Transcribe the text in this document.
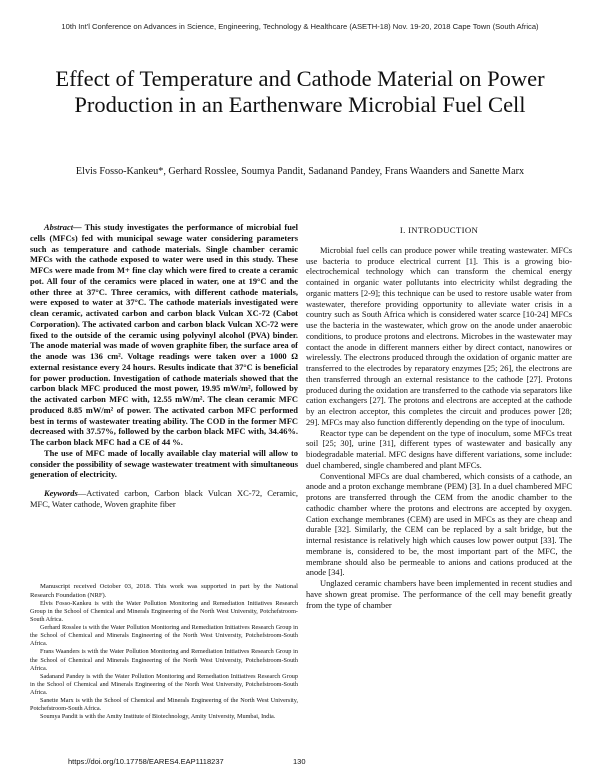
10th Int'l Conference on Advances in Science, Engineering, Technology & Healthcare (ASETH-18) Nov. 19-20, 2018 Cape Town (South Africa)
Effect of Temperature and Cathode Material on Power Production in an Earthenware Microbial Fuel Cell
Elvis Fosso-Kankeu*, Gerhard Rosslee, Soumya Pandit, Sadanand Pandey, Frans Waanders and Sanette Marx

Abstract— This study investigates the performance of microbial fuel cells (MFCs) fed with municipal sewage water considering parameters such as temperature and cathode materials. Single chamber ceramic MFCs with the cathode exposed to water were used in this study. These MFCs were made from M+ fine clay which were fired to create a ceramic pot. All four of the ceramics were placed in water, one at 19°C and the other three at 37°C. Three ceramics, with different cathode materials, were exposed to water at 37°C. The cathode materials investigated were clean ceramic, activated carbon and carbon black Vulcan XC-72 (Cabot Corporation). The activated carbon and carbon black Vulcan XC-72 were fixed to the outside of the ceramic using polyvinyl alcohol (PVA) binder. The anode material was made of woven graphite fiber, the surface area of the anode was 136 cm². Voltage readings were taken over a 1000 Ω external resistance every 24 hours. Results indicate that 37°C is beneficial for power production. Investigation of cathode materials showed that the carbon black MFC produced the most power, 19.95 mW/m², followed by the activated carbon MFC with, 12.55 mW/m². The clean ceramic MFC produced 8.85 mW/m² of power. The activated carbon MFC performed best in terms of wastewater treating ability. The COD in the former MFC decreased with 37.57%, followed by the carbon black MFC with, 34.46%. The carbon black MFC had a CE of 44 %.

The use of MFC made of locally available clay material will allow to consider the possibility of sewage wastewater treatment with simultaneous generation of electricity.

Keywords—Activated carbon, Carbon black Vulcan XC-72, Ceramic, MFC, Water cathode, Woven graphite fiber

Manuscript received October 03, 2018. This work was supported in part by the National Research Foundation (NRF).

Elvis Fosso-Kankeu is with the Water Pollution Monitoring and Remediation Initiatives Research Group in the School of Chemical and Minerals Engineering of the North West University, Potchefstroom-South Africa.

Gerhard Rosslee is with the Water Pollution Monitoring and Remediation Initiatives Research Group in the School of Chemical and Minerals Engineering of the North West University, Potchefstroom-South Africa.

Frans Waanders is with the Water Pollution Monitoring and Remediation Initiatives Research Group in the School of Chemical and Minerals Engineering of the North West University, Potchefstroom-South Africa.

Sadanand Pandey is with the Water Pollution Monitoring and Remediation Initiatives Research Group in the School of Chemical and Minerals Engineering of the North West University, Potchefstroom-South Africa.

Sanette Marx is with the School of Chemical and Minerals Engineering of the North West University, Potchefstroom-South Africa.

Soumya Pandit is with the Amity Institute of Biotechnology, Amity University, Mumbai, India.

I. INTRODUCTION

Microbial fuel cells can produce power while treating wastewater. MFCs use bacteria to produce electrical current [1]. This is a growing bio-electrochemical technology which can transform the chemical energy contained in organic water pollutants into electricity whilst degrading the organic matters [2-9]; this technique can be used to restore usable water from wastewater, therefore providing opportunity to alleviate water crisis in a country such as South Africa which is considered water scarce [10-24] MFCs use the bacteria in the wastewater, which grow on the anode under anaerobic conditions, to produce protons and electrons. Microbes in the wastewater may contact the anode in different manners either by direct contact, nanowires or wirelessly. The electrons produced through the oxidation of organic matter are transferred to the electrodes by reparatory enzymes [25; 26], the electrons are then transferred through an external resistance to the cathode [27]. Protons produced during the oxidation are transferred to the cathode via separators like cation exchangers [27]. The protons and electrons are accepted at the cathode by an electron acceptor, this completes the circuit and produces power [28; 29]. MFCs may also function differently depending on the type of inoculum.

Reactor type can be dependent on the type of inoculum, some MFCs treat soil [25; 30], urine [31], different types of wastewater and basically any biodegradable material. MFC designs have different variations, some include: duel chambered, single chambered and plant MFCs.

Conventional MFCs are dual chambered, which consists of a cathode, an anode and a proton exchange membrane (PEM) [3]. In a duel chambered MFC protons are transferred through the CEM from the anodic chamber to the cathodic chamber where the protons and electrons are accepted by oxygen. Cation exchange membranes (CEM) are used in MFCs as they are cheap and durable [32]. Similarly, the CEM can be replaced by a salt bridge, but the internal resistance is relatively high which causes low power output [33]. The membrane is, considered to be, the most important part of the MFC, the membrane should also be permeable to anions and cations produced at the anode [34].

Unglazed ceramic chambers have been implemented in recent studies and have shown great promise. The performance of the cell may benefit greatly from the type of chamber

https://doi.org/10.17758/EARES4.EAP1118237	130
